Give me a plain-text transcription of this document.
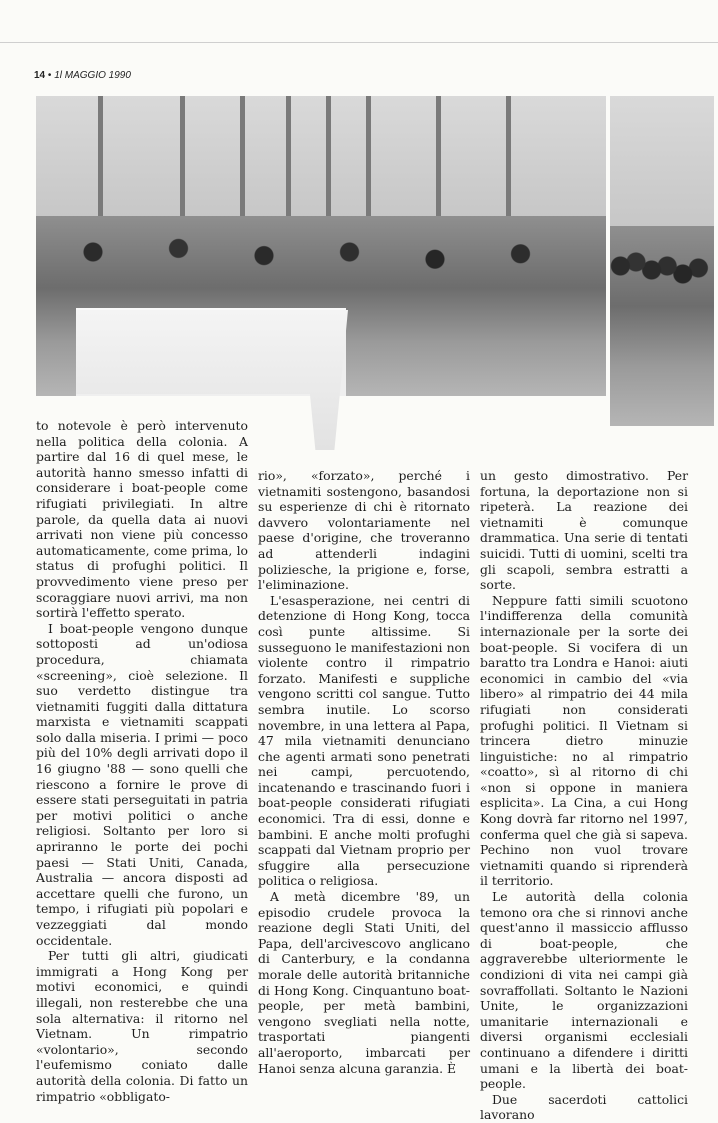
14 • 1l MAGGIO 1990

to notevole è però intervenuto nella politica della colonia. A partire dal 16 di quel mese, le autorità hanno smesso infatti di considerare i boat-people come rifugiati privilegiati. In altre parole, da quella data ai nuovi arrivati non viene più concesso automaticamente, come prima, lo status di profughi politici. Il provvedimento viene preso per scoraggiare nuovi arrivi, ma non sortirà l'effetto sperato.

I boat-people vengono dunque sottoposti ad un'odiosa procedura, chiamata «screening», cioè selezione. Il suo verdetto distingue tra vietnamiti fuggiti dalla dittatura marxista e vietnamiti scappati solo dalla miseria. I primi — poco più del 10% degli arrivati dopo il 16 giugno '88 — sono quelli che riescono a fornire le prove di essere stati perseguitati in patria per motivi politici o anche religiosi. Soltanto per loro si apriranno le porte dei pochi paesi — Stati Uniti, Canada, Australia — ancora disposti ad accettare quelli che furono, un tempo, i rifugiati più popolari e vezzeggiati dal mondo occidentale.

Per tutti gli altri, giudicati immigrati a Hong Kong per motivi economici, e quindi illegali, non resterebbe che una sola alternativa: il ritorno nel Vietnam. Un rimpatrio «volontario», secondo l'eufemismo coniato dalle autorità della colonia. Di fatto un rimpatrio «obbligato-

rio», «forzato», perché i vietnamiti sostengono, basandosi su esperienze di chi è ritornato davvero volontariamente nel paese d'origine, che troveranno ad attenderli indagini poliziesche, la prigione e, forse, l'eliminazione.

L'esasperazione, nei centri di detenzione di Hong Kong, tocca così punte altissime. Si susseguono le manifestazioni non violente contro il rimpatrio forzato. Manifesti e suppliche vengono scritti col sangue. Tutto sembra inutile. Lo scorso novembre, in una lettera al Papa, 47 mila vietnamiti denunciano che agenti armati sono penetrati nei campi, percuotendo, incatenando e trascinando fuori i boat-people considerati rifugiati economici. Tra di essi, donne e bambini. E anche molti profughi scappati dal Vietnam proprio per sfuggire alla persecuzione politica o religiosa.

A metà dicembre '89, un episodio crudele provoca la reazione degli Stati Uniti, del Papa, dell'arcivescovo anglicano di Canterbury, e la condanna morale delle autorità britanniche di Hong Kong. Cinquantuno boat-people, per metà bambini, vengono svegliati nella notte, trasportati piangenti all'aeroporto, imbarcati per Hanoi senza alcuna garanzia. È

un gesto dimostrativo. Per fortuna, la deportazione non si ripeterà. La reazione dei vietnamiti è comunque drammatica. Una serie di tentati suicidi. Tutti di uomini, scelti tra gli scapoli, sembra estratti a sorte.

Neppure fatti simili scuotono l'indifferenza della comunità internazionale per la sorte dei boat-people. Si vocifera di un baratto tra Londra e Hanoi: aiuti economici in cambio del «via libero» al rimpatrio dei 44 mila rifugiati non considerati profughi politici. Il Vietnam si trincera dietro minuzie linguistiche: no al rimpatrio «coatto», sì al ritorno di chi «non si oppone in maniera esplicita». La Cina, a cui Hong Kong dovrà far ritorno nel 1997, conferma quel che già si sapeva. Pechino non vuol trovare vietnamiti quando si riprenderà il territorio.

Le autorità della colonia temono ora che si rinnovi anche quest'anno il massiccio afflusso di boat-people, che aggraverebbe ulteriormente le condizioni di vita nei campi già sovraffollati. Soltanto le Nazioni Unite, le organizzazioni umanitarie internazionali e diversi organismi ecclesiali continuano a difendere i diritti umani e la libertà dei boat-people.

Due sacerdoti cattolici lavorano
